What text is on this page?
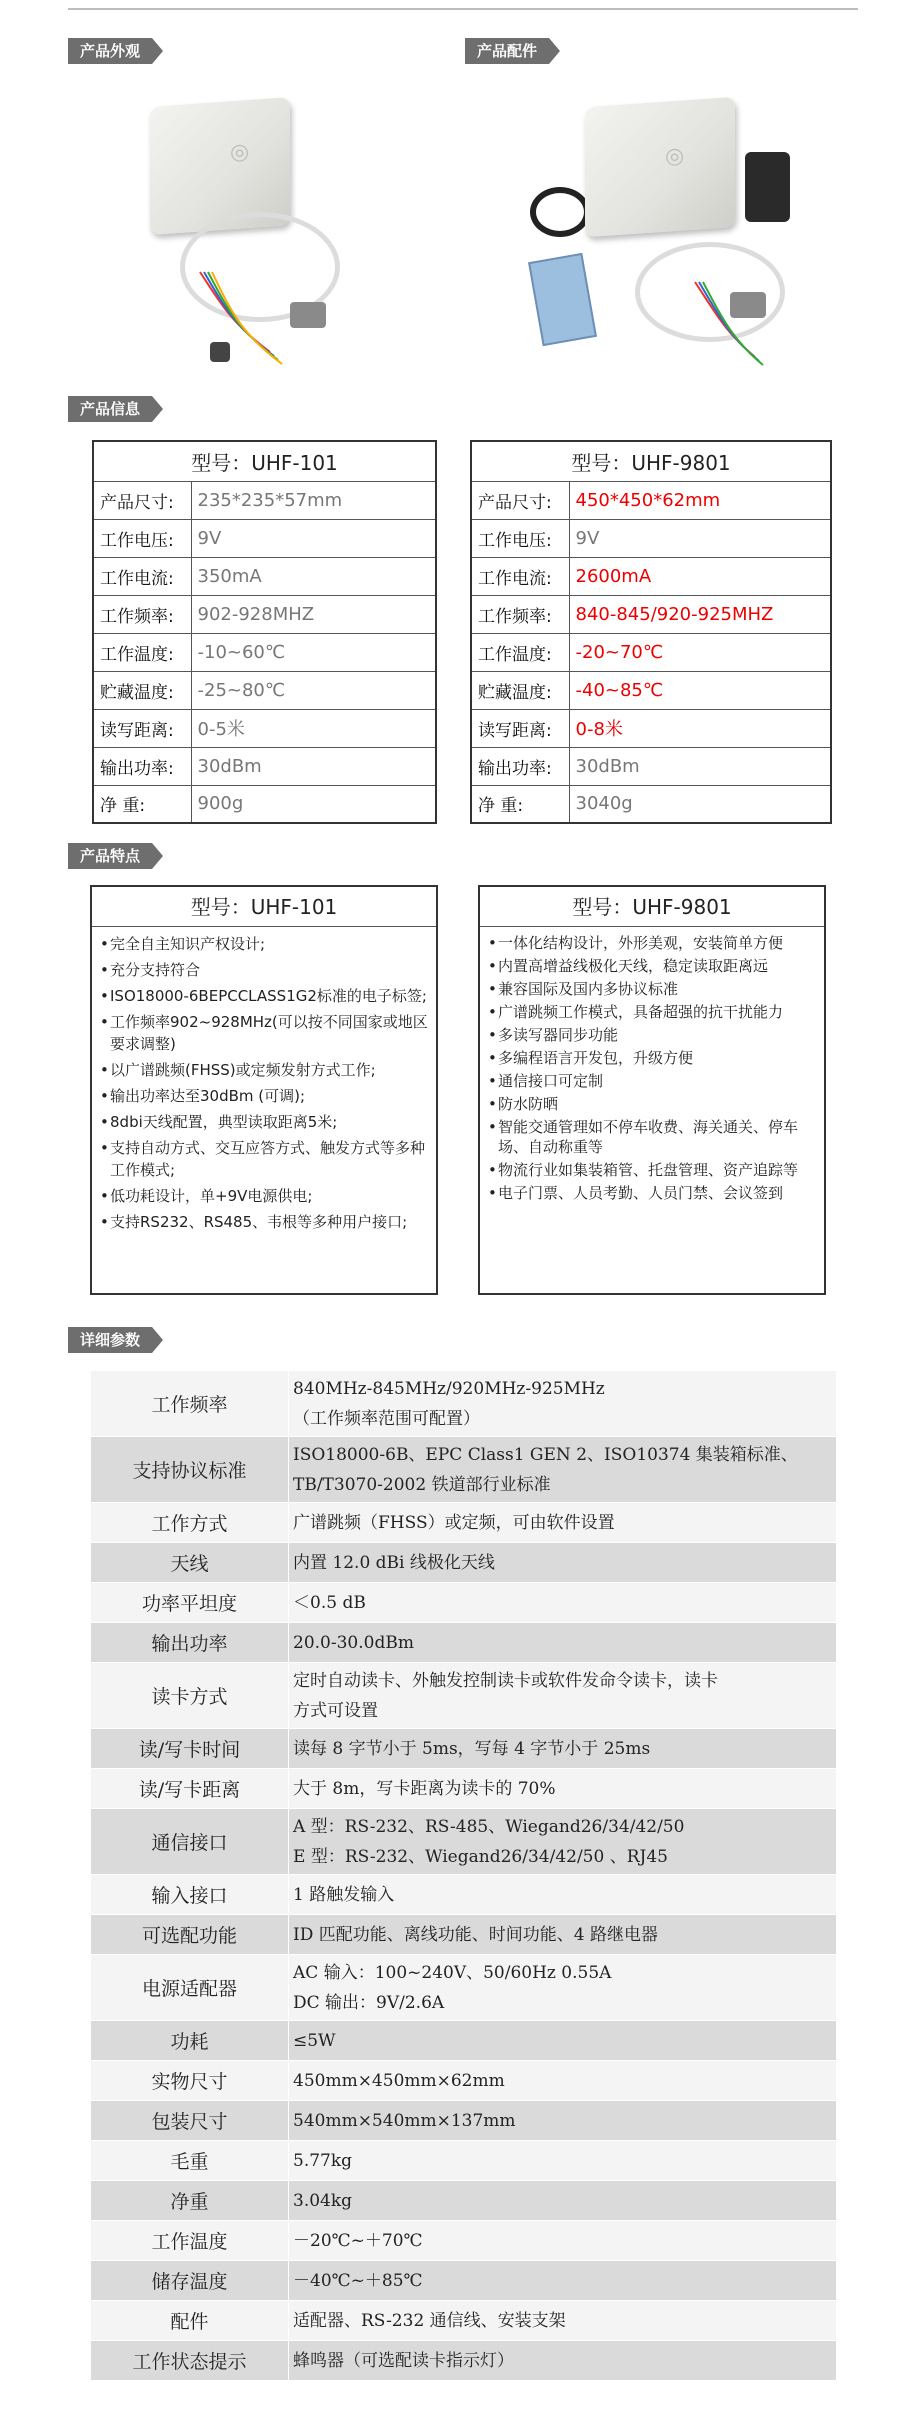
产品外观	产品配件
◎	◎
产品信息
型号：UHF-101	
产品尺寸:	235*235*57mm
工作电压:	9V
工作电流:	350mA
工作频率:	902-928MHZ
工作温度:	-10~60℃
贮藏温度:	-25~80℃
读写距离:	0-5米
输出功率:	30dBm
净 重:	900g
型号：UHF-9801	
产品尺寸:	450*450*62mm
工作电压:	9V
工作电流:	2600mA
工作频率:	840-845/920-925MHZ
工作温度:	-20~70℃
贮藏温度:	-40~85℃
读写距离:	0-8米
输出功率:	30dBm
净 重:	3040g
产品特点
型号：UHF-101
• 完全自主知识产权设计;
• 充分支持符合
• ISO18000-6BEPCCLASS1G2标准的电子标签;
• 工作频率902~928MHz(可以按不同国家或地区要求调整)
• 以广谱跳频(FHSS)或定频发射方式工作;
• 输出功率达至30dBm (可调);
• 8dbi天线配置，典型读取距离5米;
• 支持自动方式、交互应答方式、触发方式等多种工作模式;
• 低功耗设计，单+9V电源供电;
• 支持RS232、RS485、韦根等多种用户接口;
型号：UHF-9801
• 一体化结构设计，外形美观，安装简单方便
• 内置高增益线极化天线，稳定读取距离远
• 兼容国际及国内多协议标准
• 广谱跳频工作模式，具备超强的抗干扰能力
• 多读写器同步功能
• 多编程语言开发包，升级方便
• 通信接口可定制
• 防水防晒
• 智能交通管理如不停车收费、海关通关、停车场、自动称重等
• 物流行业如集装箱管、托盘管理、资产追踪等
• 电子门票、人员考勤、人员门禁、会议签到
详细参数
工作频率	840MHz-845MHz/920MHz-925MHz
（工作频率范围可配置）

支持协议标准	ISO18000-6B、EPC Class1 GEN 2、ISO10374 集装箱标准、
TB/T3070-2002 铁道部行业标准

工作方式	广谱跳频（FHSS）或定频，可由软件设置

天线	内置 12.0 dBi 线极化天线

功率平坦度	＜0.5 dB

输出功率	20.0-30.0dBm

读卡方式	定时自动读卡、外触发控制读卡或软件发命令读卡，读卡
方式可设置

读/写卡时间	读每 8 字节小于 5ms，写每 4 字节小于 25ms

读/写卡距离	大于 8m，写卡距离为读卡的 70%

通信接口	A 型：RS-232、RS-485、Wiegand26/34/42/50
E 型：RS-232、Wiegand26/34/42/50 、RJ45

输入接口	1 路触发输入

可选配功能	ID 匹配功能、离线功能、时间功能、4 路继电器

电源适配器	AC 输入：100~240V、50/60Hz 0.55A
DC 输出：9V/2.6A

功耗	≤5W

实物尺寸	450mm×450mm×62mm

包装尺寸	540mm×540mm×137mm

毛重	5.77kg

净重	3.04kg

工作温度	－20℃~＋70℃

储存温度	－40℃~＋85℃

配件	适配器、RS-232 通信线、安装支架

工作状态提示	蜂鸣器（可选配读卡指示灯）
